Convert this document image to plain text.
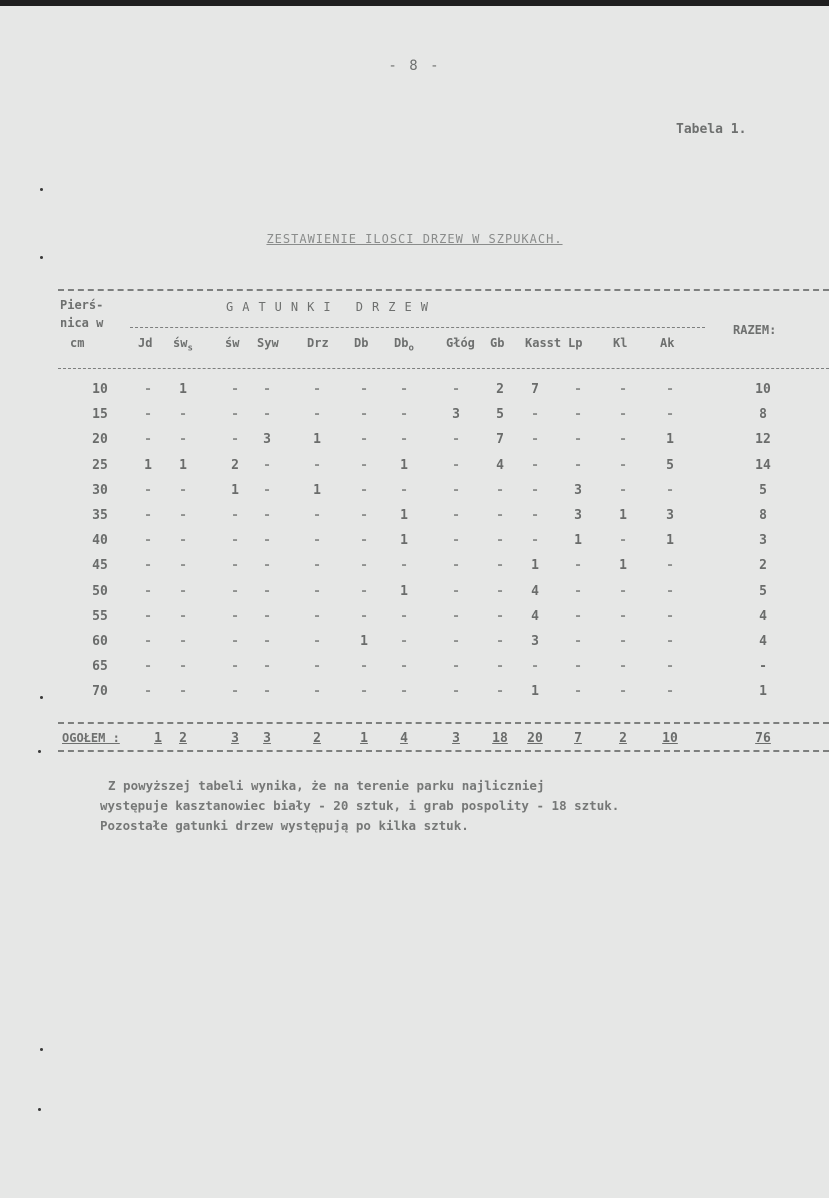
- 8 -
Tabela 1.
ZESTAWIENIE ILOSCI DRZEW W SZPUKACH.
Pierś-
nica w
cm
GATUNKI DRZEW
RAZEM:
Jd $św_s$	św Syw Drz Db $Db_o$	Głóg Gb Kasst Lp	Kl	Ak
10	-	1	-	-	-	-	-	-	2	7	-	-	-	10
15	-	-	-	-	-	-	-	3	5	-	-	-	-	8
20	-	-	-	3	1	-	-	-	7	-	-	-	1	12
25	1	1	2	-	-	-	1	-	4	-	-	-	5	14
30	-	-	1	-	1	-	-	-	-	-	3	-	-	5
35	-	-	-	-	-	-	1	-	-	-	3	1	3	8
40	-	-	-	-	-	-	1	-	-	-	1	-	1	3
45	-	-	-	-	-	-	-	-	-	1	-	1	-	2
50	-	-	-	-	-	-	1	-	-	4	-	-	-	5
55	-	-	-	-	-	-	-	-	-	4	-	-	-	4
60	-	-	-	-	-	1	-	-	-	3	-	-	-	4
65	-	-	-	-	-	-	-	-	-	-	-	-	-	-
70	-	-	-	-	-	-	-	-	-	1	-	-	-	1
OGOŁEM :	1	2	3	3	2	1	4	3	18	20	7	2	10	76

Z powyższej tabeli wynika, że na terenie parku najliczniej

występuje kasztanowiec biały - 20 sztuk, i grab pospolity - 18 sztuk.

Pozostałe gatunki drzew występują po kilka sztuk.
